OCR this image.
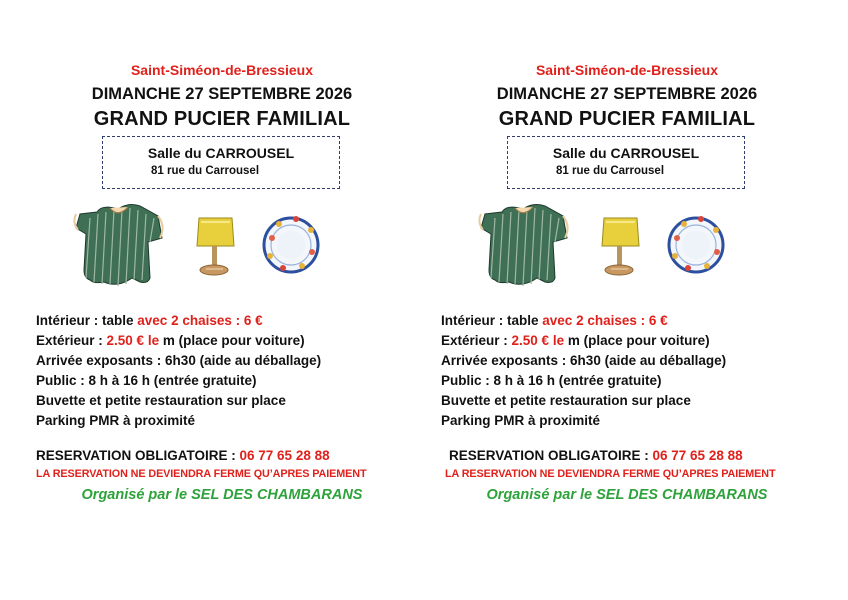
Saint-Siméon-de-Bressieux
DIMANCHE 27 SEPTEMBRE 2026
GRAND PUCIER FAMILIAL
Salle du CARROUSEL
81 rue du Carrousel
Intérieur : table avec 2 chaises : 6 €
Extérieur : 2.50 € le m (place pour voiture)
Arrivée exposants : 6h30 (aide au déballage)
Public : 8 h à 16 h (entrée gratuite)
Buvette et petite restauration sur place
Parking PMR à proximité
RESERVATION OBLIGATOIRE : 06 77 65 28 88
LA RESERVATION NE DEVIENDRA FERME QU’APRES PAIEMENT
Organisé par le SEL DES CHAMBARANS
Saint-Siméon-de-Bressieux
DIMANCHE 27 SEPTEMBRE 2026
GRAND PUCIER FAMILIAL
Salle du CARROUSEL
81 rue du Carrousel
Intérieur : table avec 2 chaises : 6 €
Extérieur : 2.50 € le m (place pour voiture)
Arrivée exposants : 6h30 (aide au déballage)
Public : 8 h à 16 h (entrée gratuite)
Buvette et petite restauration sur place
Parking PMR à proximité
RESERVATION OBLIGATOIRE : 06 77 65 28 88
LA RESERVATION NE DEVIENDRA FERME QU’APRES PAIEMENT
Organisé par le SEL DES CHAMBARANS
